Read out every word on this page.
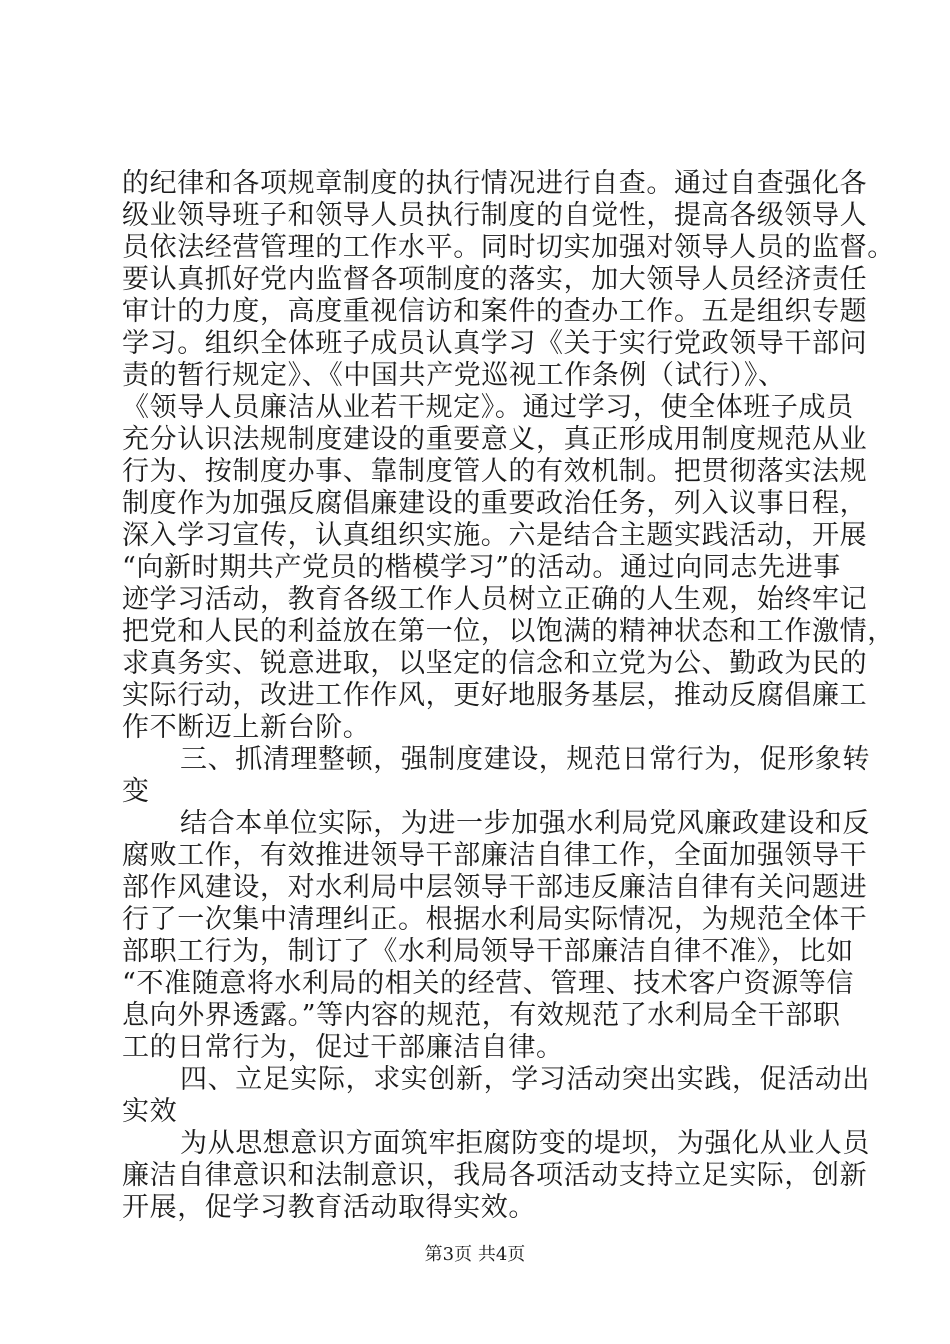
的纪律和各项规章制度的执行情况进行自查。通过自查强化各
级业领导班子和领导人员执行制度的自觉性，提高各级领导人
员依法经营管理的工作水平。同时切实加强对领导人员的监督。
要认真抓好党内监督各项制度的落实，加大领导人员经济责任
审计的力度，高度重视信访和案件的查办工作。五是组织专题
学习。组织全体班子成员认真学习《关于实行党政领导干部问
责的暂行规定》、《中国共产党巡视工作条例（试行）》、
《领导人员廉洁从业若干规定》。通过学习，使全体班子成员
充分认识法规制度建设的重要意义，真正形成用制度规范从业
行为、按制度办事、靠制度管人的有效机制。把贯彻落实法规
制度作为加强反腐倡廉建设的重要政治任务，列入议事日程，
深入学习宣传，认真组织实施。六是结合主题实践活动，开展
“向新时期共产党员的楷模学习”的活动。通过向同志先进事
迹学习活动，教育各级工作人员树立正确的人生观，始终牢记
把党和人民的利益放在第一位，以饱满的精神状态和工作激情，
求真务实、锐意进取，以坚定的信念和立党为公、勤政为民的
实际行动，改进工作作风，更好地服务基层，推动反腐倡廉工
作不断迈上新台阶。
三、抓清理整顿，强制度建设，规范日常行为，促形象转
变
结合本单位实际，为进一步加强水利局党风廉政建设和反
腐败工作，有效推进领导干部廉洁自律工作，全面加强领导干
部作风建设，对水利局中层领导干部违反廉洁自律有关问题进
行了一次集中清理纠正。根据水利局实际情况，为规范全体干
部职工行为，制订了《水利局领导干部廉洁自律不准》，比如
“不准随意将水利局的相关的经营、管理、技术客户资源等信
息向外界透露。”等内容的规范，有效规范了水利局全干部职
工的日常行为，促过干部廉洁自律。
四、立足实际，求实创新，学习活动突出实践，促活动出
实效
为从思想意识方面筑牢拒腐防变的堤坝，为强化从业人员
廉洁自律意识和法制意识，我局各项活动支持立足实际，创新
开展，促学习教育活动取得实效。
第3页 共4页
